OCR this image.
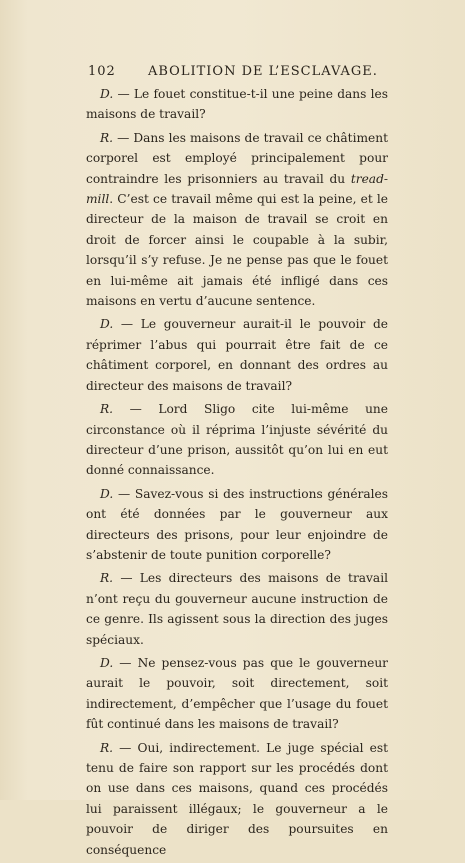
102 ABOLITION DE L’ESCLAVAGE.

D. — Le fouet constitue-t-il une peine dans les maisons de travail?

R. — Dans les maisons de travail ce châtiment corporel est employé principalement pour contraindre les prisonniers au travail du tread-mill. C’est ce travail même qui est la peine, et le directeur de la maison de travail se croit en droit de forcer ainsi le coupable à la subir, lorsqu’il s’y refuse. Je ne pense pas que le fouet en lui-même ait jamais été infligé dans ces maisons en vertu d’aucune sentence.

D. — Le gouverneur aurait-il le pouvoir de réprimer l’abus qui pourrait être fait de ce châtiment corporel, en donnant des ordres au directeur des maisons de travail?

R. — Lord Sligo cite lui-même une circonstance où il réprima l’injuste sévérité du directeur d’une prison, aussitôt qu’on lui en eut donné connaissance.

D. — Savez-vous si des instructions générales ont été données par le gouverneur aux directeurs des prisons, pour leur enjoindre de s’abstenir de toute punition corporelle?

R. — Les directeurs des maisons de travail n’ont reçu du gouverneur aucune instruction de ce genre. Ils agissent sous la direction des juges spéciaux.

D. — Ne pensez-vous pas que le gouverneur aurait le pouvoir, soit directement, soit indirectement, d’empêcher que l’usage du fouet fût continué dans les maisons de travail?

R. — Oui, indirectement. Le juge spécial est tenu de faire son rapport sur les procédés dont on use dans ces maisons, quand ces procédés lui paraissent illégaux; le gouverneur a le pouvoir de diriger des poursuites en conséquence
